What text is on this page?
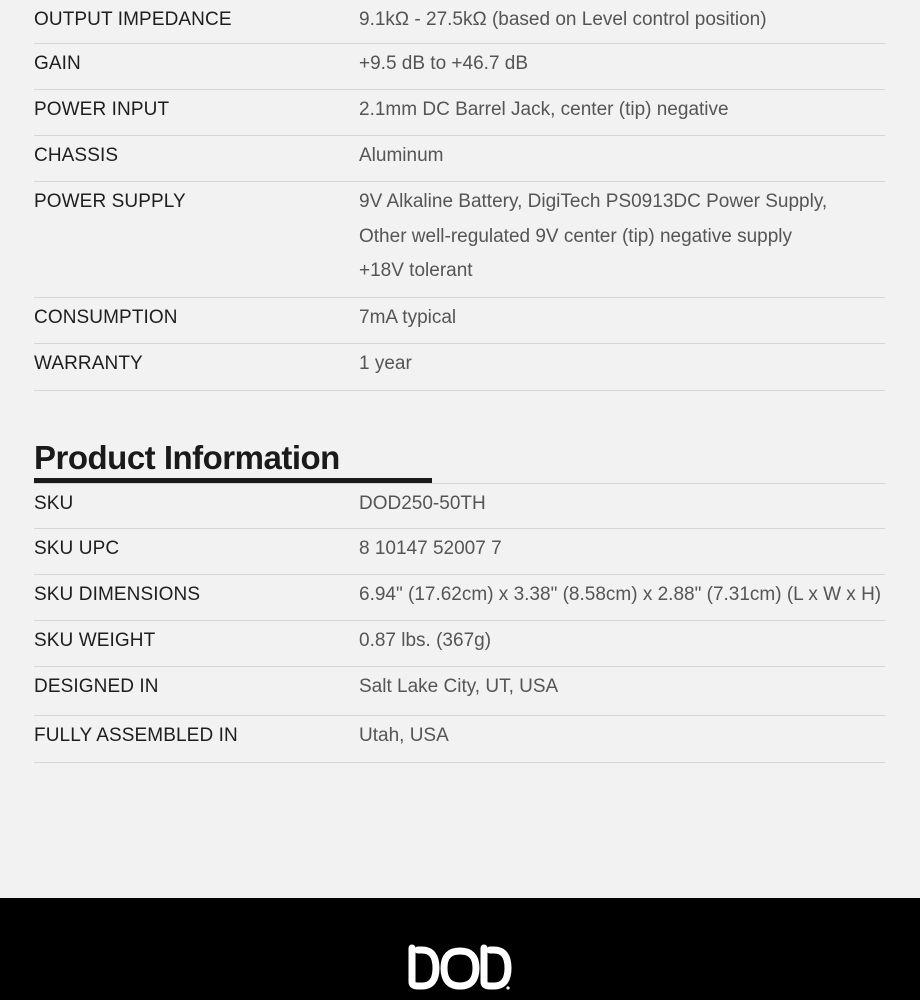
OUTPUT IMPEDANCE	9.1kΩ - 27.5kΩ (based on Level control position)
GAIN	+9.5 dB to +46.7 dB
POWER INPUT	2.1mm DC Barrel Jack, center (tip) negative
CHASSIS	Aluminum
POWER SUPPLY	9V Alkaline Battery, DigiTech PS0913DC Power Supply,
Other well-regulated 9V center (tip) negative supply
+18V tolerant
CONSUMPTION	7mA typical
WARRANTY	1 year
Product Information
SKU	DOD250-50TH
SKU UPC	8 10147 52007 7
SKU DIMENSIONS	6.94" (17.62cm) x 3.38" (8.58cm) x 2.88" (7.31cm) (L x W x H)
SKU WEIGHT	0.87 lbs. (367g)
DESIGNED IN	Salt Lake City, UT, USA
FULLY ASSEMBLED IN	Utah, USA
